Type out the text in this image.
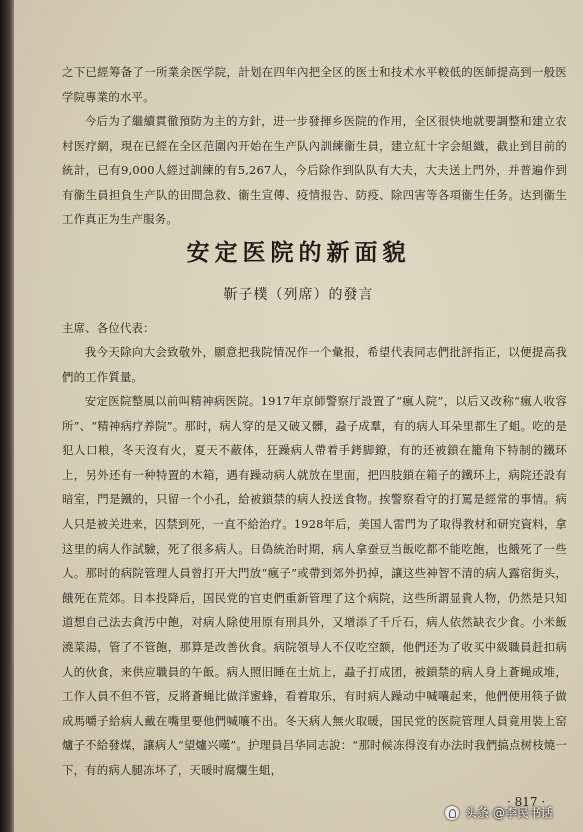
之下已經筹备了一所業余医学院，計划在四年內把全区的医士和技术水平較低的医師提高到一般医学院專業的水平。

今后为了繼續貫徹預防为主的方針，进一步發揮乡医院的作用，全区很快地就要調整和建立农村医疗網，現在已經在全区范圍內开始在生产队內訓練衞生員，建立紅十字会組織，截止到目前的統計，已有9,000人經过訓練的有5,267人，今后除作到队队有大夫，大夫送上門外，并普遍作到有衞生員担負生产队的田間急救、衞生宣傳、疫情报告、防疫、除四害等各項衞生任务。达到衞生工作真正为生产服务。

安定医院的新面貌
靳子樸（列席）的發言

主席、各位代表：

我今天除向大会致敬外，願意把我院情况作一个彙报，希望代表同志們批評指正，以便提高我們的工作質量。

安定医院整風以前叫精神病医院。1917年京師警察厅設置了“瘋人院”，以后又改称“瘋人收容所”、“精神病疗养院”。那时，病人穿的是又破又髒，蝨子成羣，有的病人耳朵里都生了蛆。吃的是犯人口粮，冬天沒有火，夏天不蔽体，狂躁病人帶着手銬脚鐐，有的还被鎖在籠角下特制的鐵环上，另外还有一种特置的木箱，遇有躁动病人就放在里面，把四肢鎖在箱子的鐵环上，病院还設有暗室，門是鐵的，只留一个小孔，給被鎖禁的病人投送食物。挨警察看守的打罵是經常的事情。病人只是被关进来，囚禁到死，一直不給治疗。1928年后，美国人雷門为了取得教材和研究資料，拿这里的病人作試驗，死了很多病人。日偽統治时期，病人拿蚕豆当飯吃都不能吃飽，也餓死了一些人。那时的病院管理人員曾打开大門放“瘋子”或帶到郊外扔掉，讓这些神智不清的病人露宿街头，餓死在荒郊。日本投降后，国民党的官吏們重新管理了这个病院，这些所謂显貴人物，仍然是只知道想自己法去貪汚中飽，对病人除使用原有刑具外，又增添了千斤石，病人依然缺衣少食。小米飯澆菜湯，管了不管飽，那算是改善伙食。病院領导人不仅吃空额，他們还为了收买中級職員赶扣病人的伙食，来供应職員的午飯。病人照旧睡在土炕上，蝨子打成团，被鎖禁的病人身上蒼蝇成堆，工作人員不但不管，反將蒼蝇比做洋蜜蜂，看着取乐，有时病人躁动中喊嚷起来，他們便用筷子做成馬嚼子給病人戴在嘴里要他們喊嚷不出。冬天病人無火取暖，国民党的医院管理人員竟用裝上窑爐子不給發煤，讓病人“望爐兴嘆”。护理員吕华同志說：“那时候冻得沒有办法时我們搞点树枝燒一下，有的病人腿冻坏了，天暖时腐爛生蛆，

· 817 ·
头条 @李民书话
